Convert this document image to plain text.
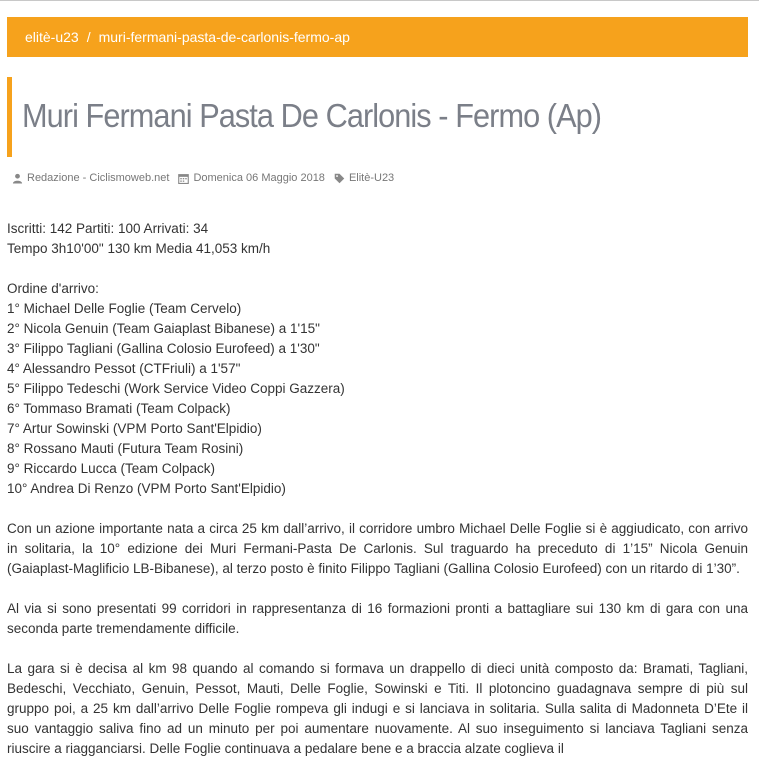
elitè-u23 / muri-fermani-pasta-de-carlonis-fermo-ap
Muri Fermani Pasta De Carlonis - Fermo (Ap)
Redazione - Ciclismoweb.net Domenica 06 Maggio 2018 Elitè-U23

Iscritti: 142 Partiti: 100 Arrivati: 34
Tempo 3h10'00" 130 km Media 41,053 km/h

Ordine d'arrivo:
1° Michael Delle Foglie (Team Cervelo)
2° Nicola Genuin (Team Gaiaplast Bibanese) a 1'15"
3° Filippo Tagliani (Gallina Colosio Eurofeed) a 1'30"
4° Alessandro Pessot (CTFriuli) a 1'57"
5° Filippo Tedeschi (Work Service Video Coppi Gazzera)
6° Tommaso Bramati (Team Colpack)
7° Artur Sowinski (VPM Porto Sant'Elpidio)
8° Rossano Mauti (Futura Team Rosini)
9° Riccardo Lucca (Team Colpack)
10° Andrea Di Renzo (VPM Porto Sant'Elpidio)

Con un azione importante nata a circa 25 km dall’arrivo, il corridore umbro Michael Delle Foglie si è aggiudicato, con arrivo in solitaria, la 10° edizione dei Muri Fermani-Pasta De Carlonis. Sul traguardo ha preceduto di 1’15” Nicola Genuin (Gaiaplast-Maglificio LB-Bibanese), al terzo posto è finito Filippo Tagliani (Gallina Colosio Eurofeed) con un ritardo di 1’30”.

Al via si sono presentati 99 corridori in rappresentanza di 16 formazioni pronti a battagliare sui 130 km di gara con una seconda parte tremendamente difficile.

La gara si è decisa al km 98 quando al comando si formava un drappello di dieci unità composto da: Bramati, Tagliani, Bedeschi, Vecchiato, Genuin, Pessot, Mauti, Delle Foglie, Sowinski e Titi. Il plotoncino guadagnava sempre di più sul gruppo poi, a 25 km dall’arrivo Delle Foglie rompeva gli indugi e si lanciava in solitaria. Sulla salita di Madonneta D’Ete il suo vantaggio saliva fino ad un minuto per poi aumentare nuovamente. Al suo inseguimento si lanciava Tagliani senza riuscire a riagganciarsi. Delle Foglie continuava a pedalare bene e a braccia alzate coglieva il
